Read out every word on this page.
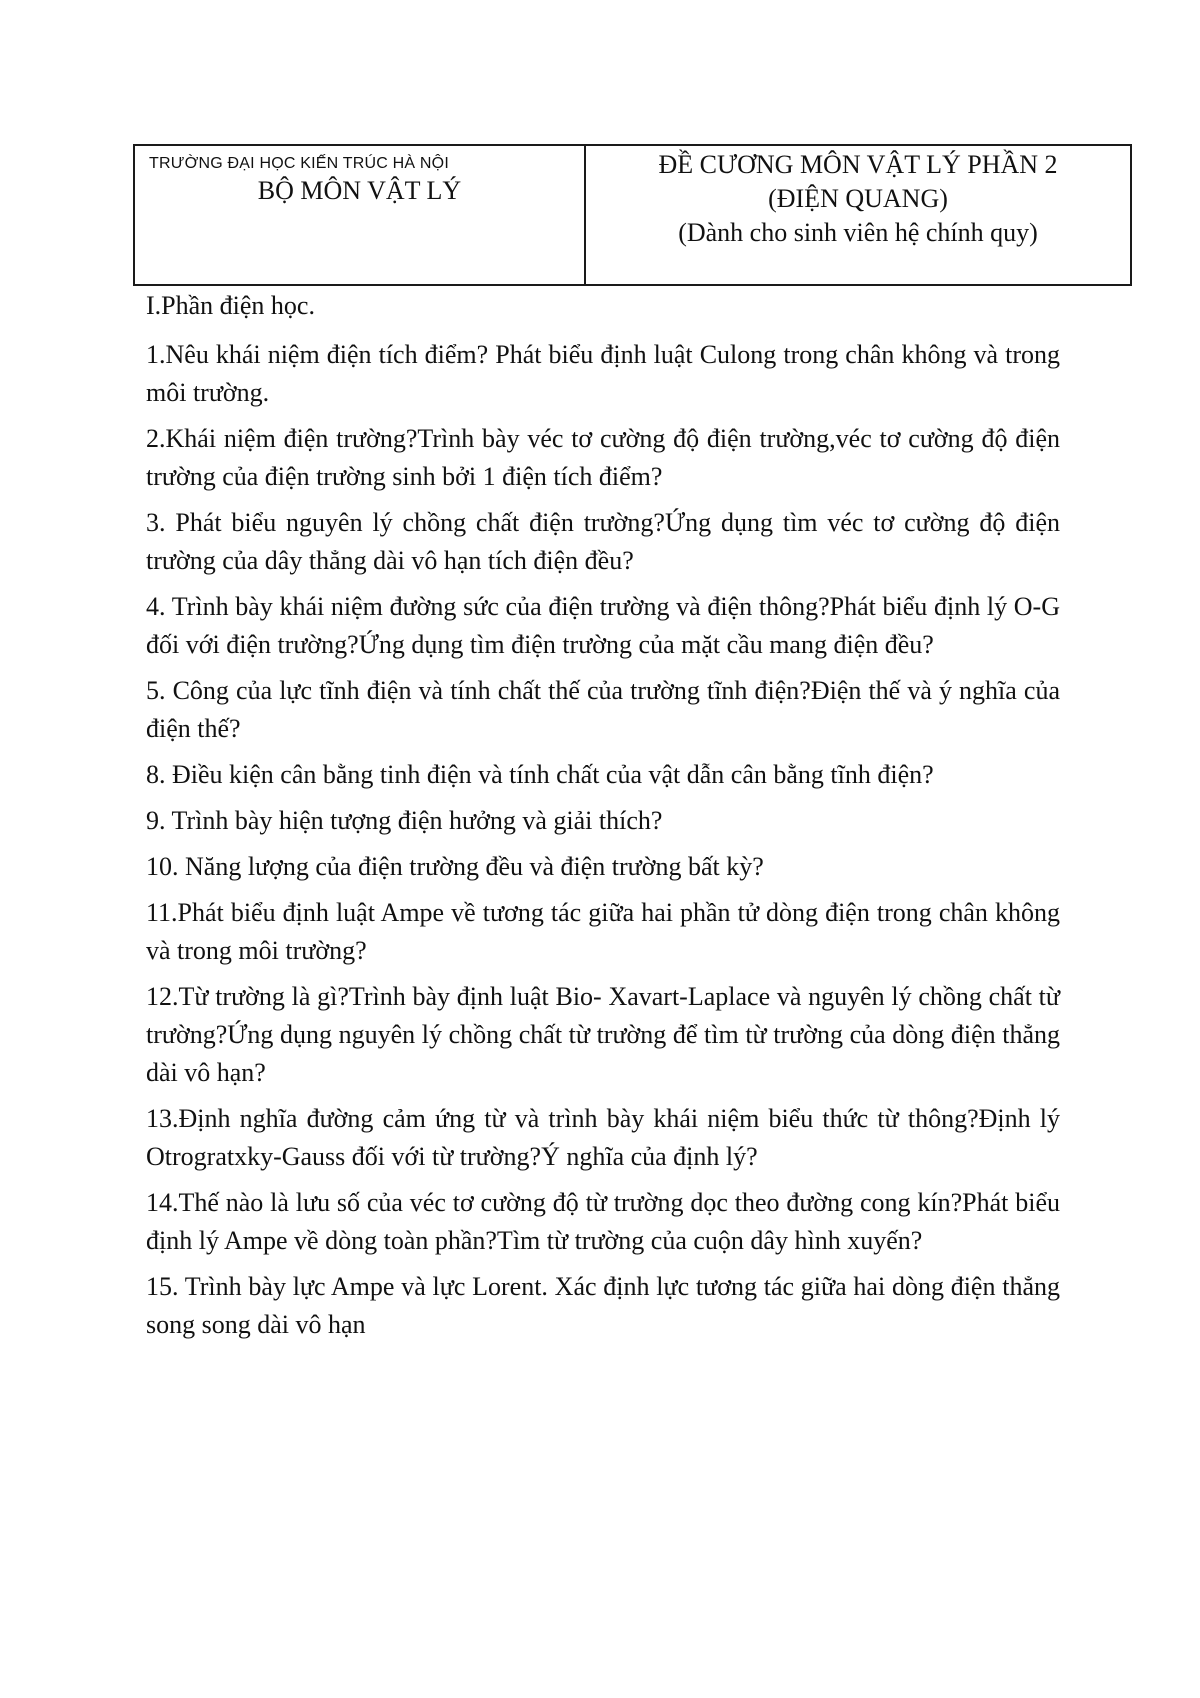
TRƯỜNG ĐẠI HỌC KIẾN TRÚC HÀ NỘI
BỘ MÔN VẬT LÝ
ĐỀ CƯƠNG MÔN VẬT LÝ PHẦN 2
(ĐIỆN QUANG)
(Dành cho sinh viên hệ chính quy)

I.Phần điện học.

1.Nêu khái niệm điện tích điểm? Phát biểu định luật Culong trong chân không và trong môi trường.

2.Khái niệm điện trường?Trình bày véc tơ cường độ điện trường,véc tơ cường độ điện trường của điện trường sinh bởi 1 điện tích điểm?

3. Phát biểu nguyên lý chồng chất điện trường?Ứng dụng tìm véc tơ cường độ điện trường của dây thẳng dài vô hạn tích điện đều?

4. Trình bày khái niệm đường sức của điện trường và điện thông?Phát biểu định lý O-G đối với điện trường?Ứng dụng tìm điện trường của mặt cầu mang điện đều?

5. Công của lực tĩnh điện và tính chất thế của trường tĩnh điện?Điện thế và ý nghĩa của điện thế?

8. Điều kiện cân bằng tinh điện và tính chất của vật dẫn cân bằng tĩnh điện?

9. Trình bày hiện tượng điện hưởng và giải thích?

10. Năng lượng của điện trường đều và điện trường bất kỳ?

11.Phát biểu định luật Ampe về tương tác giữa hai phần tử dòng điện trong chân không và trong môi trường?

12.Từ trường là gì?Trình bày định luật Bio- Xavart-Laplace và nguyên lý chồng chất từ trường?Ứng dụng nguyên lý chồng chất từ trường để tìm từ trường của dòng điện thẳng dài vô hạn?

13.Định nghĩa đường cảm ứng từ và trình bày khái niệm biểu thức từ thông?Định lý Otrogratxky-Gauss đối với từ trường?Ý nghĩa của định lý?

14.Thế nào là lưu số của véc tơ cường độ từ trường dọc theo đường cong kín?Phát biểu định lý Ampe về dòng toàn phần?Tìm từ trường của cuộn dây hình xuyến?

15. Trình bày lực Ampe và lực Lorent. Xác định lực tương tác giữa hai dòng điện thẳng song song dài vô hạn
